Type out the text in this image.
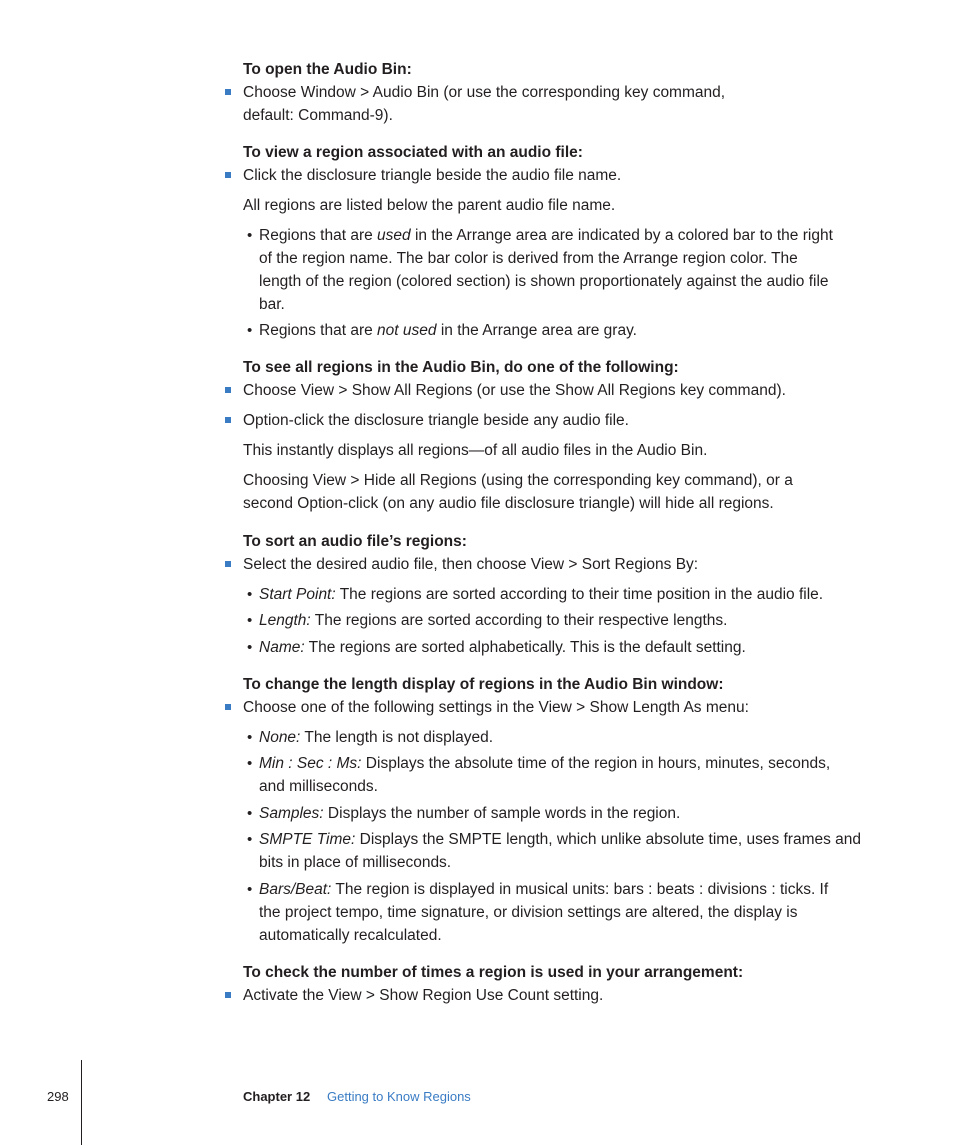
To open the Audio Bin:
Choose Window > Audio Bin (or use the corresponding key command,
default: Command-9).
To view a region associated with an audio file:
Click the disclosure triangle beside the audio file name.
All regions are listed below the parent audio file name.
• Regions that are used in the Arrange area are indicated by a colored bar to the right
of the region name. The bar color is derived from the Arrange region color. The
length of the region (colored section) is shown proportionately against the audio file
bar.
• Regions that are not used in the Arrange area are gray.
To see all regions in the Audio Bin, do one of the following:
Choose View > Show All Regions (or use the Show All Regions key command).
Option-click the disclosure triangle beside any audio file.
This instantly displays all regions—of all audio files in the Audio Bin.
Choosing View > Hide all Regions (using the corresponding key command), or a
second Option-click (on any audio file disclosure triangle) will hide all regions.
To sort an audio file’s regions:
Select the desired audio file, then choose View > Sort Regions By:
• Start Point: The regions are sorted according to their time position in the audio file.
• Length: The regions are sorted according to their respective lengths.
• Name: The regions are sorted alphabetically. This is the default setting.
To change the length display of regions in the Audio Bin window:
Choose one of the following settings in the View > Show Length As menu:
• None: The length is not displayed.
• Min : Sec : Ms: Displays the absolute time of the region in hours, minutes, seconds,
and milliseconds.
• Samples: Displays the number of sample words in the region.
• SMPTE Time: Displays the SMPTE length, which unlike absolute time, uses frames and
bits in place of milliseconds.
• Bars/Beat: The region is displayed in musical units: bars : beats : divisions : ticks. If
the project tempo, time signature, or division settings are altered, the display is
automatically recalculated.
To check the number of times a region is used in your arrangement:
Activate the View > Show Region Use Count setting.
298	Chapter 12 Getting to Know Regions
